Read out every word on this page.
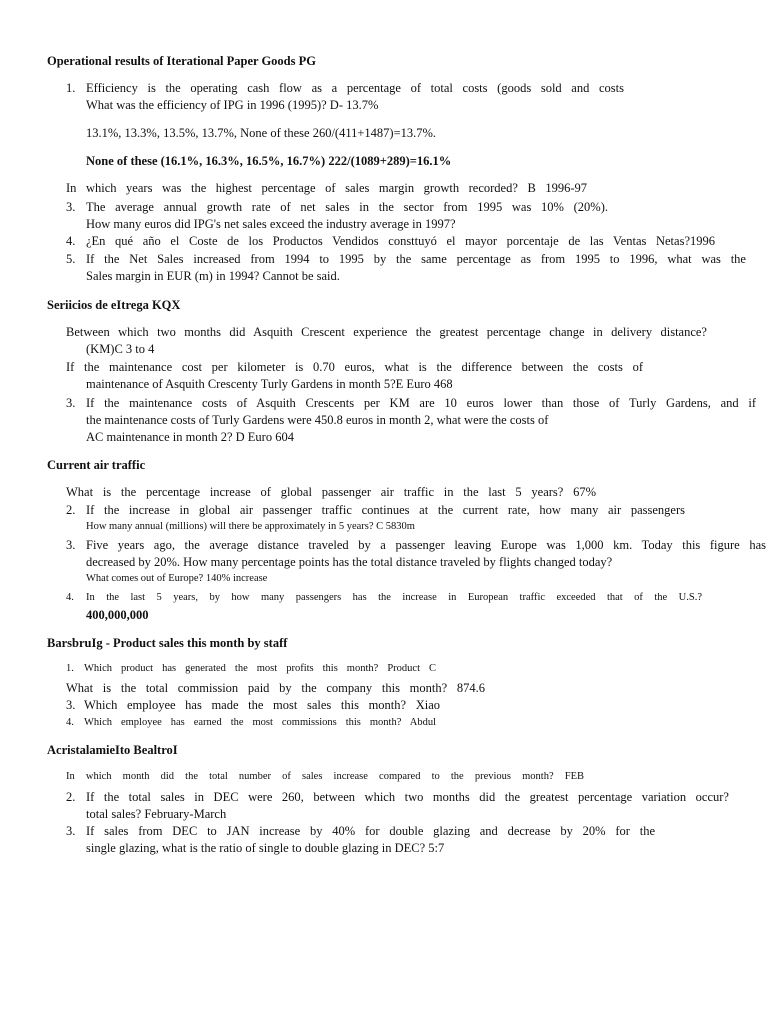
Operational results of Iterational Paper Goods PG
1. Efficiency is the operating cash flow as a percentage of total costs (goods sold and costs
What was the efficiency of IPG in 1996 (1995)? D- 13.7%
13.1%, 13.3%, 13.5%, 13.7%, None of these 260/(411+1487)=13.7%.
None of these (16.1%, 16.3%, 16.5%, 16.7%) 222/(1089+289)=16.1%
In which years was the highest percentage of sales margin growth recorded? B 1996-97
3. The average annual growth rate of net sales in the sector from 1995 was 10% (20%).
How many euros did IPG's net sales exceed the industry average in 1997?
4. ¿En qué año el Coste de los Productos Vendidos consttuyó el mayor porcentaje de las Ventas Netas?1996
5. If the Net Sales increased from 1994 to 1995 by the same percentage as from 1995 to 1996, what was the
Sales margin in EUR (m) in 1994? Cannot be said.
Seriicios de eItrega KQX
Between which two months did Asquith Crescent experience the greatest percentage change in delivery distance?
(KM)C 3 to 4
If the maintenance cost per kilometer is 0.70 euros, what is the difference between the costs of
maintenance of Asquith Crescenty Turly Gardens in month 5?E Euro 468
3. If the maintenance costs of Asquith Crescents per KM are 10 euros lower than those of Turly Gardens, and if
the maintenance costs of Turly Gardens were 450.8 euros in month 2, what were the costs of
AC maintenance in month 2? D Euro 604
Current air traffic
What is the percentage increase of global passenger air traffic in the last 5 years? 67%
2. If the increase in global air passenger traffic continues at the current rate, how many air passengers
How many annual (millions) will there be approximately in 5 years? C 5830m
3. Five years ago, the average distance traveled by a passenger leaving Europe was 1,000 km. Today this figure has
decreased by 20%. How many percentage points has the total distance traveled by flights changed today?
What comes out of Europe? 140% increase
4. In the last 5 years, by how many passengers has the increase in European traffic exceeded that of the U.S.?
400,000,000
BarsbruIg - Product sales this month by staff
1. Which product has generated the most profits this month? Product C
What is the total commission paid by the company this month? 874.6
3. Which employee has made the most sales this month? Xiao
4. Which employee has earned the most commissions this month? Abdul
AcristalamieIto BealtroI
In which month did the total number of sales increase compared to the previous month? FEB
2. If the total sales in DEC were 260, between which two months did the greatest percentage variation occur?
total sales? February-March
3. If sales from DEC to JAN increase by 40% for double glazing and decrease by 20% for the
single glazing, what is the ratio of single to double glazing in DEC? 5:7
